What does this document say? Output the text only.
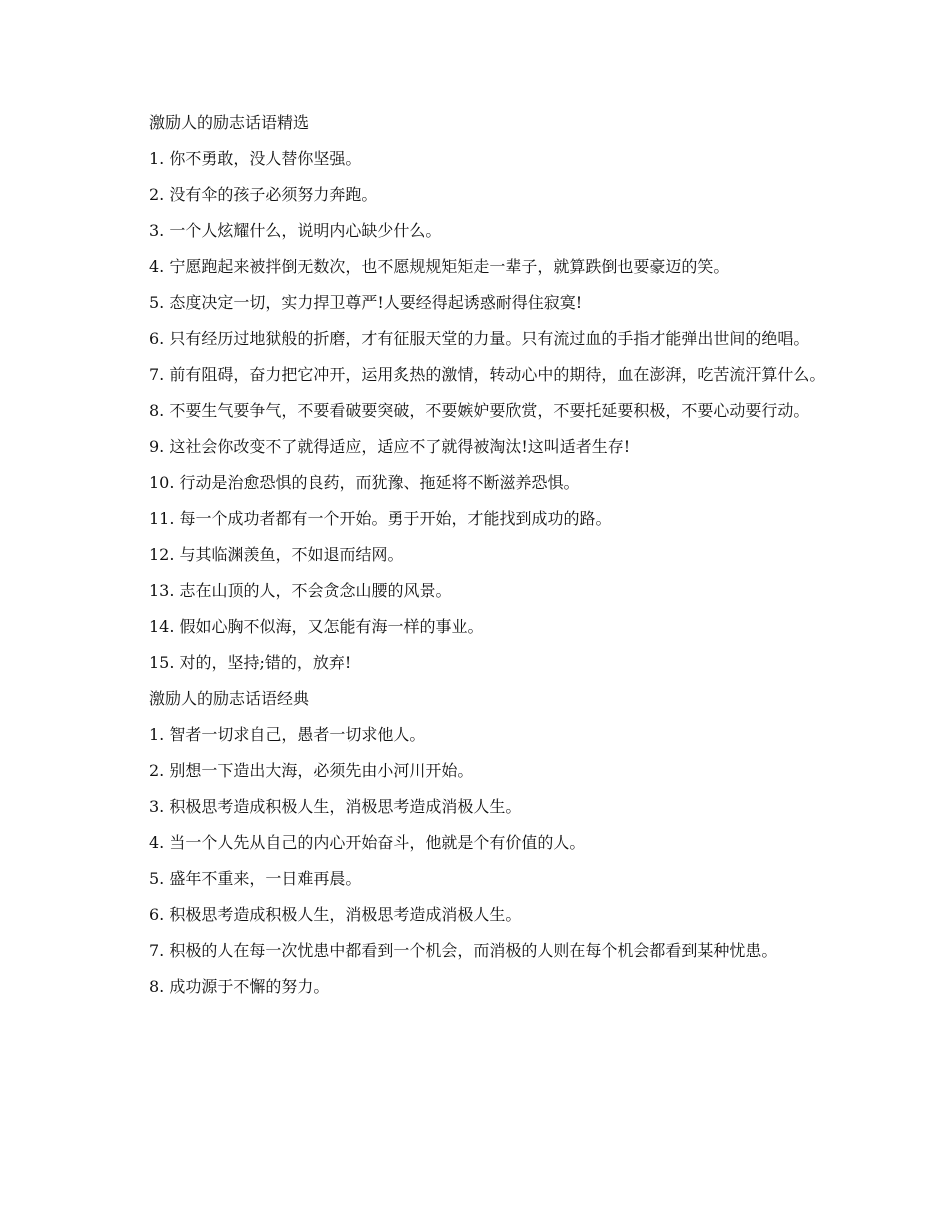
激励人的励志话语精选

1. 你不勇敢，没人替你坚强。

2. 没有伞的孩子必须努力奔跑。

3. 一个人炫耀什么，说明内心缺少什么。

4. 宁愿跑起来被拌倒无数次，也不愿规规矩矩走一辈子，就算跌倒也要豪迈的笑。

5. 态度决定一切，实力捍卫尊严!人要经得起诱惑耐得住寂寞!

6. 只有经历过地狱般的折磨，才有征服天堂的力量。只有流过血的手指才能弹出世间的绝唱。

7. 前有阻碍，奋力把它冲开，运用炙热的激情，转动心中的期待，血在澎湃，吃苦流汗算什么。

8. 不要生气要争气，不要看破要突破，不要嫉妒要欣赏，不要托延要积极，不要心动要行动。

9. 这社会你改变不了就得适应，适应不了就得被淘汰!这叫适者生存!

10. 行动是治愈恐惧的良药，而犹豫、拖延将不断滋养恐惧。

11. 每一个成功者都有一个开始。勇于开始，才能找到成功的路。

12. 与其临渊羡鱼，不如退而结网。

13. 志在山顶的人，不会贪念山腰的风景。

14. 假如心胸不似海，又怎能有海一样的事业。

15. 对的，坚持;错的，放弃!

激励人的励志话语经典

1. 智者一切求自己，愚者一切求他人。

2. 别想一下造出大海，必须先由小河川开始。

3. 积极思考造成积极人生，消极思考造成消极人生。

4. 当一个人先从自己的内心开始奋斗，他就是个有价值的人。

5. 盛年不重来，一日难再晨。

6. 积极思考造成积极人生，消极思考造成消极人生。

7. 积极的人在每一次忧患中都看到一个机会，而消极的人则在每个机会都看到某种忧患。

8. 成功源于不懈的努力。
